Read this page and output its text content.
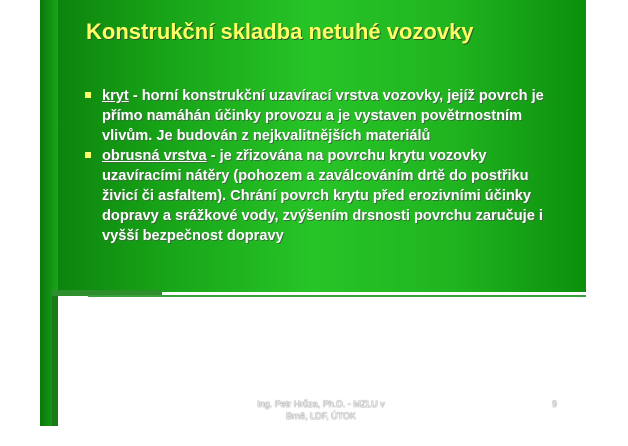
Konstrukční skladba netuhé vozovky
kryt - horní konstrukční uzavírací vrstva vozovky, jejíž povrch je přímo namáhán účinky provozu a je vystaven povětrnostním vlivům. Je budován z nejkvalitnějších materiálů
obrusná vrstva - je zřizována na povrchu krytu vozovky uzavíracími nátěry (pohozem a zaválcováním drtě do postřiku živicí či asfaltem). Chrání povrch krytu před erozivními účinky dopravy a srážkové vody, zvýšením drsnosti povrchu zaručuje i vyšší bezpečnost dopravy
Ing. Petr Hrůza, Ph.D. - MZLU v
Brně, LDF, ÚTOK
9
